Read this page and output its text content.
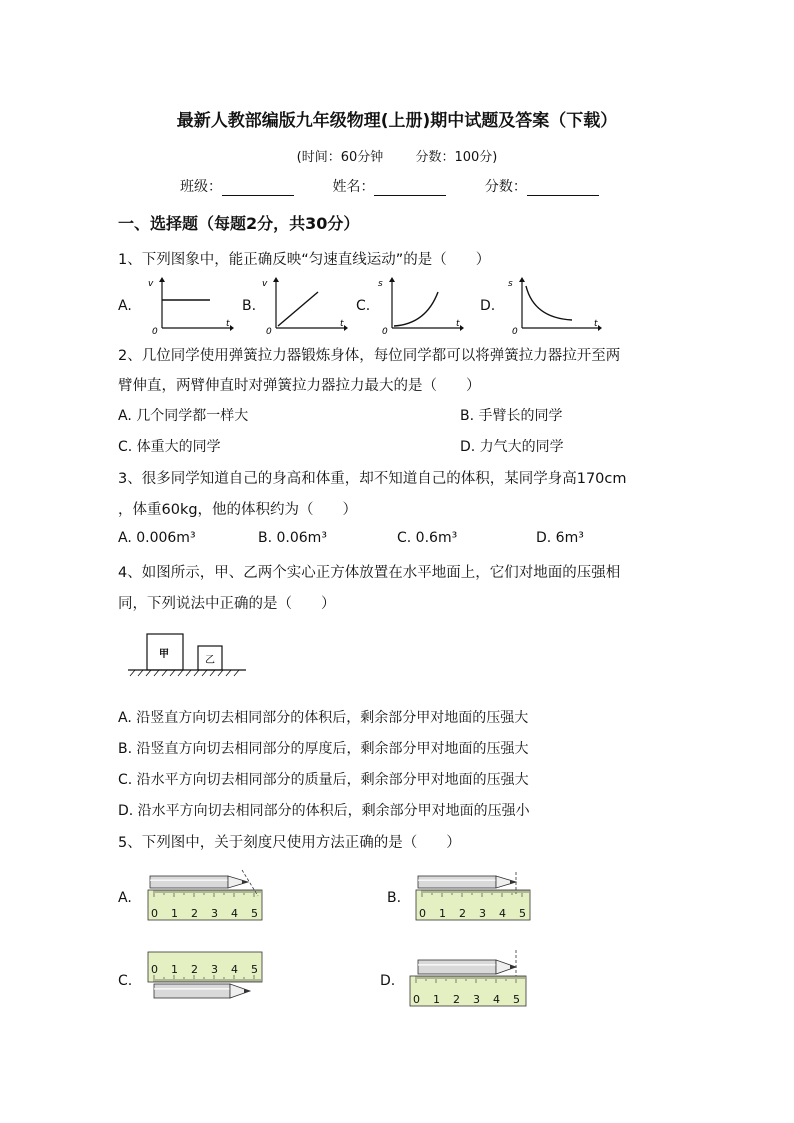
最新人教部编版九年级物理(上册)期中试题及答案（下载）
(时间：60分钟 分数：100分)
班级：	姓名：	分数：
一、选择题（每题2分，共30分）
1、下列图象中，能正确反映“匀速直线运动”的是（　　）
A.	B.	C.	D.
v
0
t
v
0
t
s
0
t
s
0
t
2、几位同学使用弹簧拉力器锻炼身体，每位同学都可以将弹簧拉力器拉开至两
臂伸直，两臂伸直时对弹簧拉力器拉力最大的是（　　）
A. 几个同学都一样大	B. 手臂长的同学
C. 体重大的同学	D. 力气大的同学
3、很多同学知道自己的身高和体重，却不知道自己的体积，某同学身高170cm
，体重60kg，他的体积约为（　　）
A. 0.006m³	B. 0.06m³	C. 0.6m³	D. 6m³
4、如图所示，甲、乙两个实心正方体放置在水平地面上，它们对地面的压强相
同，下列说法中正确的是（　　）
甲
乙
A. 沿竖直方向切去相同部分的体积后，剩余部分甲对地面的压强大
B. 沿竖直方向切去相同部分的厚度后，剩余部分甲对地面的压强大
C. 沿水平方向切去相同部分的质量后，剩余部分甲对地面的压强大
D. 沿水平方向切去相同部分的体积后，剩余部分甲对地面的压强小
5、下列图中，关于刻度尺使用方法正确的是（　　）
A.	B.
C.	D.
0 1 2 3 4 5	0 1 2 3 4 5
0 1 2 3 4 5
0 1 2 3 4 5
